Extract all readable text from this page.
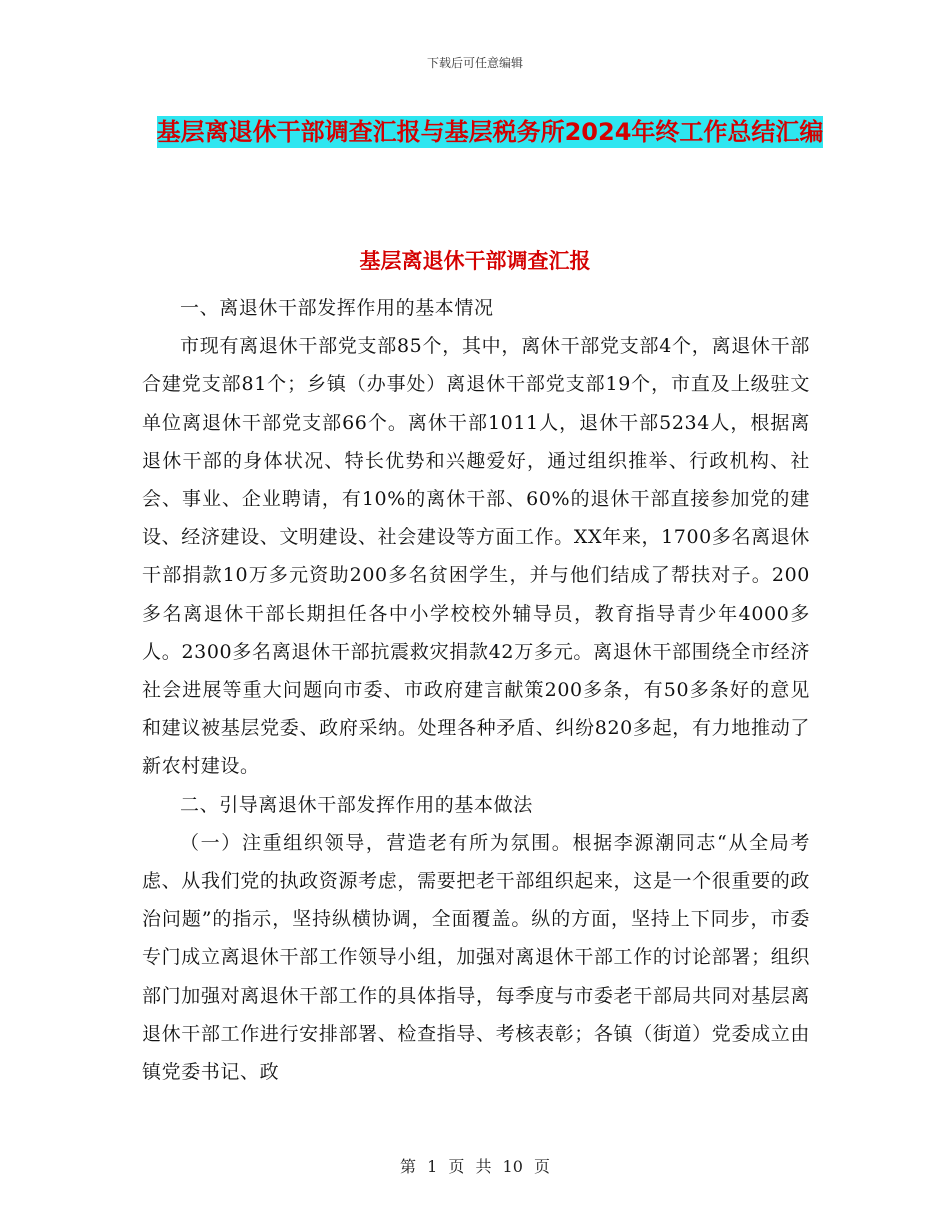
下载后可任意编辑
基层离退休干部调查汇报与基层税务所2024年终工作总结汇编
基层离退休干部调查汇报

一、离退休干部发挥作用的基本情况

市现有离退休干部党支部85个，其中，离休干部党支部4个，离退休干部合建党支部81个；乡镇（办事处）离退休干部党支部19个，市直及上级驻文单位离退休干部党支部66个。离休干部1011人，退休干部5234人，根据离退休干部的身体状况、特长优势和兴趣爱好，通过组织推举、行政机构、社会、事业、企业聘请，有10%的离休干部、60%的退休干部直接参加党的建设、经济建设、文明建设、社会建设等方面工作。XX年来，1700多名离退休干部捐款10万多元资助200多名贫困学生，并与他们结成了帮扶对子。200多名离退休干部长期担任各中小学校校外辅导员，教育指导青少年4000多人。2300多名离退休干部抗震救灾捐款42万多元。离退休干部围绕全市经济社会进展等重大问题向市委、市政府建言献策200多条，有50多条好的意见和建议被基层党委、政府采纳。处理各种矛盾、纠纷820多起，有力地推动了新农村建设。

二、引导离退休干部发挥作用的基本做法

（一）注重组织领导，营造老有所为氛围。根据李源潮同志“从全局考虑、从我们党的执政资源考虑，需要把老干部组织起来，这是一个很重要的政治问题”的指示，坚持纵横协调，全面覆盖。纵的方面，坚持上下同步，市委专门成立离退休干部工作领导小组，加强对离退休干部工作的讨论部署；组织部门加强对离退休干部工作的具体指导，每季度与市委老干部局共同对基层离退休干部工作进行安排部署、检查指导、考核表彰；各镇（街道）党委成立由镇党委书记、政

第 1 页 共 10 页
